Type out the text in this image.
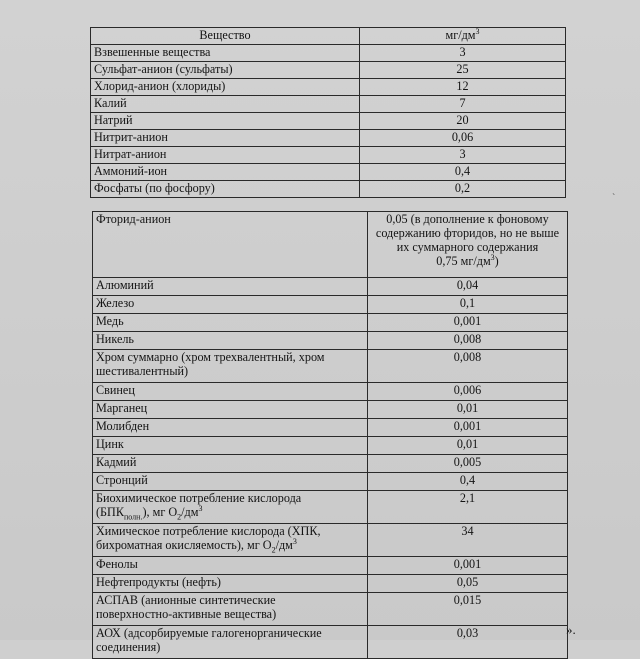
Вещество	$мг/дм^3$
Взвешенные вещества	3
Сульфат-анион (сульфаты)	25
Хлорид-анион (хлориды)	12
Калий	7
Натрий	20
Нитрит-анион	0,06
Нитрат-анион	3
Аммоний-ион	0,4
Фосфаты (по фосфору)	0,2
`
Фторид-анион	0,05 (в дополнение к фоновому
содержанию фторидов, но не выше
их суммарного содержания
0,75 $мг/дм^3$)

Алюминий	0,04
Железо	0,1
Медь	0,001
Никель	0,008

Хром суммарно (хром трехвалентный, хром
шестивалентный)	0,008
Свинец	0,006
Марганец	0,01
Молибден	0,001
Цинк	0,01
Кадмий	0,005
Стронций	0,4

Биохимическое потребление кислорода
$(БПК_{полн.})$, мг $O_2/дм^3$	2,1

Химическое потребление кислорода (ХПК,
бихроматная окисляемость), мг $O_2/дм^3$	34
Фенолы	0,001
Нефтепродукты (нефть)	0,05

АСПАВ (анионные синтетические
поверхностно-активные вещества)	0,015

АОХ (адсорбируемые галогенорганические
соединения)	0,03	».
